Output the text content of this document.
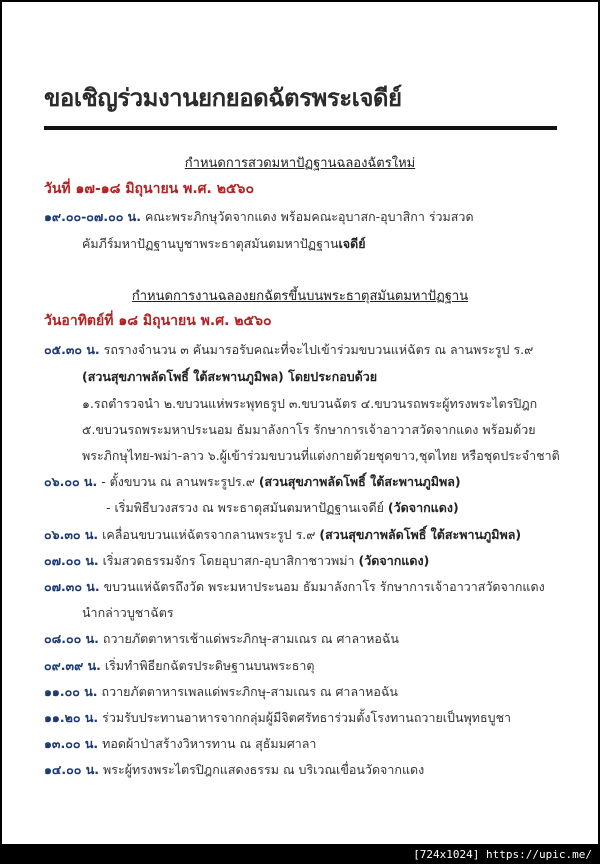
ขอเชิญร่วมงานยกยอดฉัตรพระเจดีย์
กำหนดการสวดมหาปัฏฐานฉลองฉัตรใหม่
วันที่ ๑๗-๑๘ มิถุนายน พ.ศ. ๒๕๖๐
๑๙.๐๐-๐๗.๐๐ น. คณะพระภิกษุวัดจากแดง พร้อมคณะอุบาสก-อุบาสิกา ร่วมสวด
คัมภีร์มหาปัฏฐานบูชาพระธาตุสมันตมหาปัฏฐานเจดีย์
กำหนดการงานฉลองยกฉัตรขึ้นบนพระธาตุสมันตมหาปัฏฐาน
วันอาทิตย์ที่ ๑๘ มิถุนายน พ.ศ. ๒๕๖๐
๐๕.๓๐ น. รถรางจำนวน ๓ คันมารอรับคณะที่จะไปเข้าร่วมขบวนแห่ฉัตร ณ ลานพระรูป ร.๙
(สวนสุขภาพลัดโพธิ์ ใต้สะพานภูมิพล) โดยประกอบด้วย
๑.รถตำรวจนำ ๒.ขบวนแห่พระพุทธรูป ๓.ขบวนฉัตร ๔.ขบวนรถพระผู้ทรงพระไตรปิฎก
๕.ขบวนรถพระมหาประนอม ธัมมาลังกาโร รักษาการเจ้าอาวาสวัดจากแดง พร้อมด้วย
พระภิกษุไทย-พม่า-ลาว ๖.ผู้เข้าร่วมขบวนที่แต่งกายด้วยชุดขาว,ชุดไทย หรือชุดประจำชาติ
๐๖.๐๐ น. - ตั้งขบวน ณ ลานพระรูปร.๙ (สวนสุขภาพลัดโพธิ์ ใต้สะพานภูมิพล)
- เริ่มพิธีบวงสรวง ณ พระธาตุสมันตมหาปัฏฐานเจดีย์ (วัดจากแดง)
๐๖.๓๐ น. เคลื่อนขบวนแห่ฉัตรจากลานพระรูป ร.๙ (สวนสุขภาพลัดโพธิ์ ใต้สะพานภูมิพล)
๐๗.๐๐ น. เริ่มสวดธรรมจักร โดยอุบาสก-อุบาสิกาชาวพม่า (วัดจากแดง)
๐๗.๓๐ น. ขบวนแห่ฉัตรถึงวัด พระมหาประนอม ธัมมาลังกาโร รักษาการเจ้าอาวาสวัดจากแดง
นำกล่าวบูชาฉัตร
๐๘.๐๐ น. ถวายภัตตาหารเช้าแด่พระภิกษุ-สามเณร ณ ศาลาหอฉัน
๐๙.๓๙ น. เริ่มทำพิธียกฉัตรประดิษฐานบนพระธาตุ
๑๑.๐๐ น. ถวายภัตตาหารเพลแด่พระภิกษุ-สามเณร ณ ศาลาหอฉัน
๑๑.๒๐ น. ร่วมรับประทานอาหารจากกลุ่มผู้มีจิตศรัทธาร่วมตั้งโรงทานถวายเป็นพุทธบูชา
๑๓.๐๐ น. ทอดผ้าป่าสร้างวิหารทาน ณ สุธัมมศาลา
๑๔.๐๐ น. พระผู้ทรงพระไตรปิฎกแสดงธรรม ณ บริเวณเขื่อนวัดจากแดง
[724x1024] https://upic.me/
